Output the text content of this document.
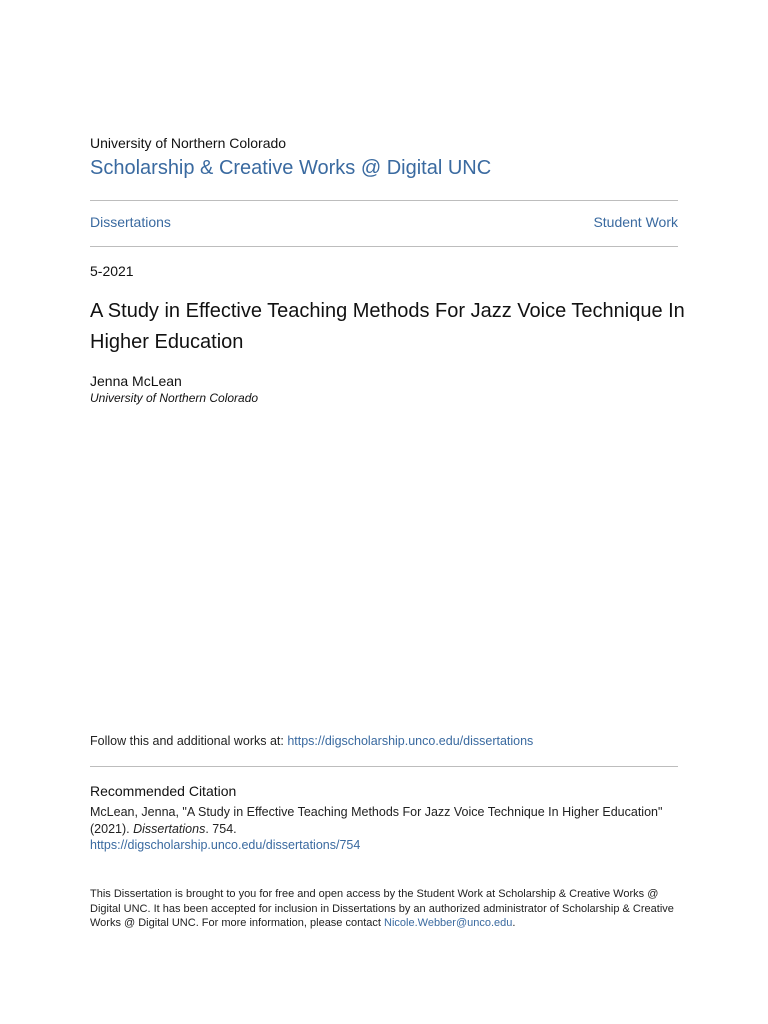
University of Northern Colorado
Scholarship & Creative Works @ Digital UNC
Dissertations	Student Work
5-2021
A Study in Effective Teaching Methods For Jazz Voice Technique In Higher Education
Jenna McLean
University of Northern Colorado
Follow this and additional works at: https://digscholarship.unco.edu/dissertations
Recommended Citation
McLean, Jenna, "A Study in Effective Teaching Methods For Jazz Voice Technique In Higher Education" (2021). Dissertations. 754.
https://digscholarship.unco.edu/dissertations/754
This Dissertation is brought to you for free and open access by the Student Work at Scholarship & Creative Works @ Digital UNC. It has been accepted for inclusion in Dissertations by an authorized administrator of Scholarship & Creative Works @ Digital UNC. For more information, please contact Nicole.Webber@unco.edu.
